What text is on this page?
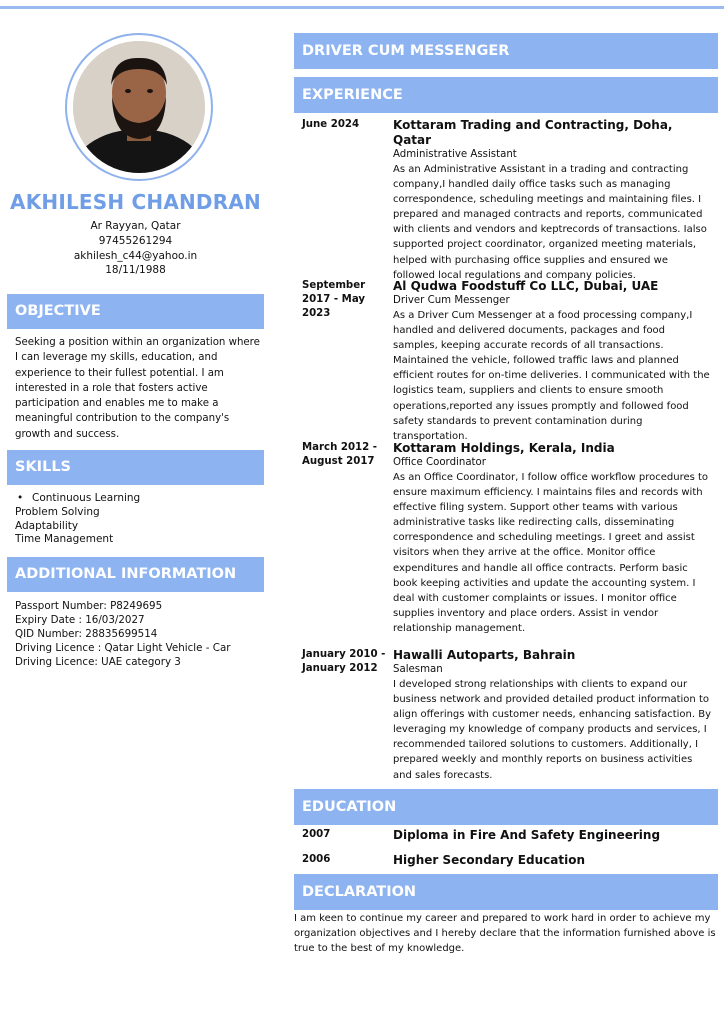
AKHILESH CHANDRAN
Ar Rayyan, Qatar
97455261294
akhilesh_c44@yahoo.in
18/11/1988
OBJECTIVE
Seeking a position within an organization where I can leverage my skills, education, and experience to their fullest potential. I am interested in a role that fosters active participation and enables me to make a meaningful contribution to the company's growth and success.
SKILLS
• Continuous Learning
Problem Solving
Adaptability
Time Management
ADDITIONAL INFORMATION
Passport Number: P8249695
Expiry Date : 16/03/2027
QID Number: 28835699514
Driving Licence : Qatar Light Vehicle - Car
Driving Licence: UAE category 3
DRIVER CUM MESSENGER
EXPERIENCE
June 2024	Kottaram Trading and Contracting, Doha, Qatar
Administrative Assistant
As an Administrative Assistant in a trading and contracting company,I handled daily office tasks such as managing correspondence, scheduling meetings and maintaining files. I prepared and managed contracts and reports, communicated with clients and vendors and keptrecords of transactions. Ialso supported project coordinator, organized meeting materials, helped with purchasing office supplies and ensured we followed local regulations and company policies.
September 2017 - May 2023
Al Qudwa Foodstuff Co LLC, Dubai, UAE
Driver Cum Messenger
As a Driver Cum Messenger at a food processing company,I handled and delivered documents, packages and food samples, keeping accurate records of all transactions. Maintained the vehicle, followed traffic laws and planned efficient routes for on-time deliveries. I communicated with the logistics team, suppliers and clients to ensure smooth operations,reported any issues promptly and followed food safety standards to prevent contamination during transportation.
March 2012 - August 2017
Kottaram Holdings, Kerala, India
Office Coordinator
As an Office Coordinator, I follow office workflow procedures to ensure maximum efficiency. I maintains files and records with effective filing system. Support other teams with various administrative tasks like redirecting calls, disseminating correspondence and scheduling meetings. I greet and assist visitors when they arrive at the office. Monitor office expenditures and handle all office contracts. Perform basic book keeping activities and update the accounting system. I deal with customer complaints or issues. I monitor office supplies inventory and place orders. Assist in vendor relationship management.
January 2010 - January 2012
Hawalli Autoparts, Bahrain
Salesman
I developed strong relationships with clients to expand our business network and provided detailed product information to align offerings with customer needs, enhancing satisfaction. By leveraging my knowledge of company products and services, I recommended tailored solutions to customers. Additionally, I prepared weekly and monthly reports on business activities and sales forecasts.
EDUCATION
2007	Diploma in Fire And Safety Engineering
2006	Higher Secondary Education
DECLARATION
I am keen to continue my career and prepared to work hard in order to achieve my organization objectives and I hereby declare that the information furnished above is true to the best of my knowledge.
